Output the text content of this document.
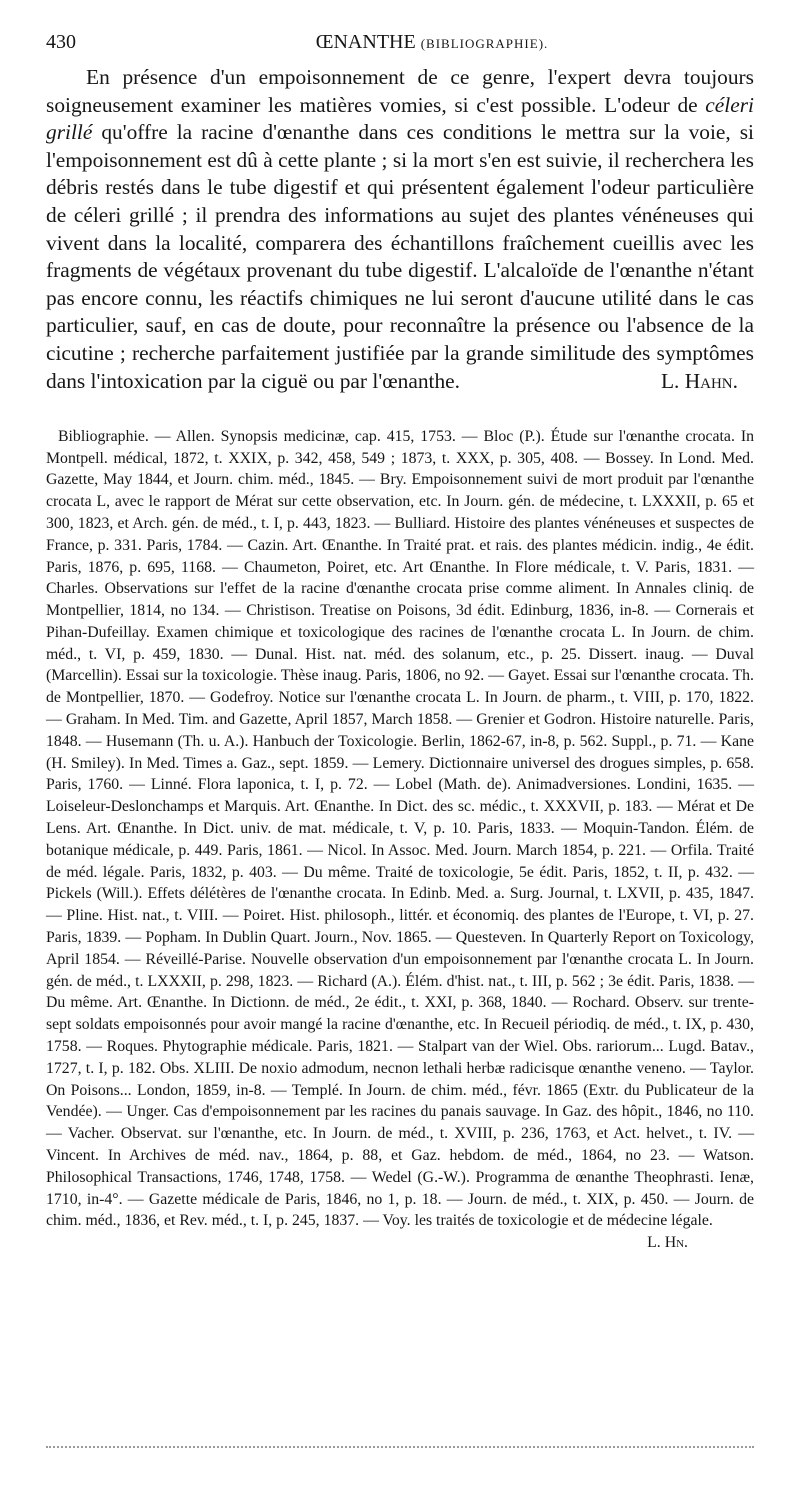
430	ŒNANTHE (BIBLIOGRAPHIE).

En présence d'un empoisonnement de ce genre, l'expert devra toujours soigneusement examiner les matières vomies, si c'est possible. L'odeur de céleri grillé qu'offre la racine d'œnanthe dans ces conditions le mettra sur la voie, si l'empoisonnement est dû à cette plante ; si la mort s'en est suivie, il recherchera les débris restés dans le tube digestif et qui présentent également l'odeur particulière de céleri grillé ; il prendra des informations au sujet des plantes vénéneuses qui vivent dans la localité, comparera des échantillons fraîchement cueillis avec les fragments de végétaux provenant du tube digestif. L'alcaloïde de l'œnanthe n'étant pas encore connu, les réactifs chimiques ne lui seront d'aucune utilité dans le cas particulier, sauf, en cas de doute, pour reconnaître la présence ou l'absence de la cicutine ; recherche parfaitement justifiée par la grande similitude des symptômes dans l'intoxication par la ciguë ou par l'œnanthe.	L. Hahn.

Bibliographie. — Allen. Synopsis medicinæ, cap. 415, 1753. — Bloc (P.). Étude sur l'œnanthe crocata. In Montpell. médical, 1872, t. XXIX, p. 342, 458, 549 ; 1873, t. XXX, p. 305, 408. — Bossey. In Lond. Med. Gazette, May 1844, et Journ. chim. méd., 1845. — Bry. Empoisonnement suivi de mort produit par l'œnanthe crocata L, avec le rapport de Mérat sur cette observation, etc. In Journ. gén. de médecine, t. LXXXII, p. 65 et 300, 1823, et Arch. gén. de méd., t. I, p. 443, 1823. — Bulliard. Histoire des plantes vénéneuses et suspectes de France, p. 331. Paris, 1784. — Cazin. Art. Œnanthe. In Traité prat. et rais. des plantes médicin. indig., 4e édit. Paris, 1876, p. 695, 1168. — Chaumeton, Poiret, etc. Art Œnanthe. In Flore médicale, t. V. Paris, 1831. — Charles. Observations sur l'effet de la racine d'œnanthe crocata prise comme aliment. In Annales cliniq. de Montpellier, 1814, no 134. — Christison. Treatise on Poisons, 3d édit. Edinburg, 1836, in-8. — Cornerais et Pihan-Dufeillay. Examen chimique et toxicologique des racines de l'œnanthe crocata L. In Journ. de chim. méd., t. VI, p. 459, 1830. — Dunal. Hist. nat. méd. des solanum, etc., p. 25. Dissert. inaug. — Duval (Marcellin). Essai sur la toxicologie. Thèse inaug. Paris, 1806, no 92. — Gayet. Essai sur l'œnanthe crocata. Th. de Montpellier, 1870. — Godefroy. Notice sur l'œnanthe crocata L. In Journ. de pharm., t. VIII, p. 170, 1822. — Graham. In Med. Tim. and Gazette, April 1857, March 1858. — Grenier et Godron. Histoire naturelle. Paris, 1848. — Husemann (Th. u. A.). Hanbuch der Toxicologie. Berlin, 1862-67, in-8, p. 562. Suppl., p. 71. — Kane (H. Smiley). In Med. Times a. Gaz., sept. 1859. — Lemery. Dictionnaire universel des drogues simples, p. 658. Paris, 1760. — Linné. Flora laponica, t. I, p. 72. — Lobel (Math. de). Animadversiones. Londini, 1635. — Loiseleur-Deslonchamps et Marquis. Art. Œnanthe. In Dict. des sc. médic., t. XXXVII, p. 183. — Mérat et De Lens. Art. Œnanthe. In Dict. univ. de mat. médicale, t. V, p. 10. Paris, 1833. — Moquin-Tandon. Élém. de botanique médicale, p. 449. Paris, 1861. — Nicol. In Assoc. Med. Journ. March 1854, p. 221. — Orfila. Traité de méd. légale. Paris, 1832, p. 403. — Du même. Traité de toxicologie, 5e édit. Paris, 1852, t. II, p. 432. — Pickels (Will.). Effets délétères de l'œnanthe crocata. In Edinb. Med. a. Surg. Journal, t. LXVII, p. 435, 1847. — Pline. Hist. nat., t. VIII. — Poiret. Hist. philosoph., littér. et économiq. des plantes de l'Europe, t. VI, p. 27. Paris, 1839. — Popham. In Dublin Quart. Journ., Nov. 1865. — Questeven. In Quarterly Report on Toxicology, April 1854. — Réveillé-Parise. Nouvelle observation d'un empoisonnement par l'œnanthe crocata L. In Journ. gén. de méd., t. LXXXII, p. 298, 1823. — Richard (A.). Élém. d'hist. nat., t. III, p. 562 ; 3e édit. Paris, 1838. — Du même. Art. Œnanthe. In Dictionn. de méd., 2e édit., t. XXI, p. 368, 1840. — Rochard. Observ. sur trente-sept soldats empoisonnés pour avoir mangé la racine d'œnanthe, etc. In Recueil périodiq. de méd., t. IX, p. 430, 1758. — Roques. Phytographie médicale. Paris, 1821. — Stalpart van der Wiel. Obs. rariorum... Lugd. Batav., 1727, t. I, p. 182. Obs. XLIII. De noxio admodum, necnon lethali herbæ radicisque œnanthe veneno. — Taylor. On Poisons... London, 1859, in-8. — Templé. In Journ. de chim. méd., févr. 1865 (Extr. du Publicateur de la Vendée). — Unger. Cas d'empoisonnement par les racines du panais sauvage. In Gaz. des hôpit., 1846, no 110. — Vacher. Observat. sur l'œnanthe, etc. In Journ. de méd., t. XVIII, p. 236, 1763, et Act. helvet., t. IV. — Vincent. In Archives de méd. nav., 1864, p. 88, et Gaz. hebdom. de méd., 1864, no 23. — Watson. Philosophical Transactions, 1746, 1748, 1758. — Wedel (G.-W.). Programma de œnanthe Theophrasti. Ienæ, 1710, in-4°. — Gazette médicale de Paris, 1846, no 1, p. 18. — Journ. de méd., t. XIX, p. 450. — Journ. de chim. méd., 1836, et Rev. méd., t. I, p. 245, 1837. — Voy. les traités de toxicologie et de médecine légale.

L. Hn.
